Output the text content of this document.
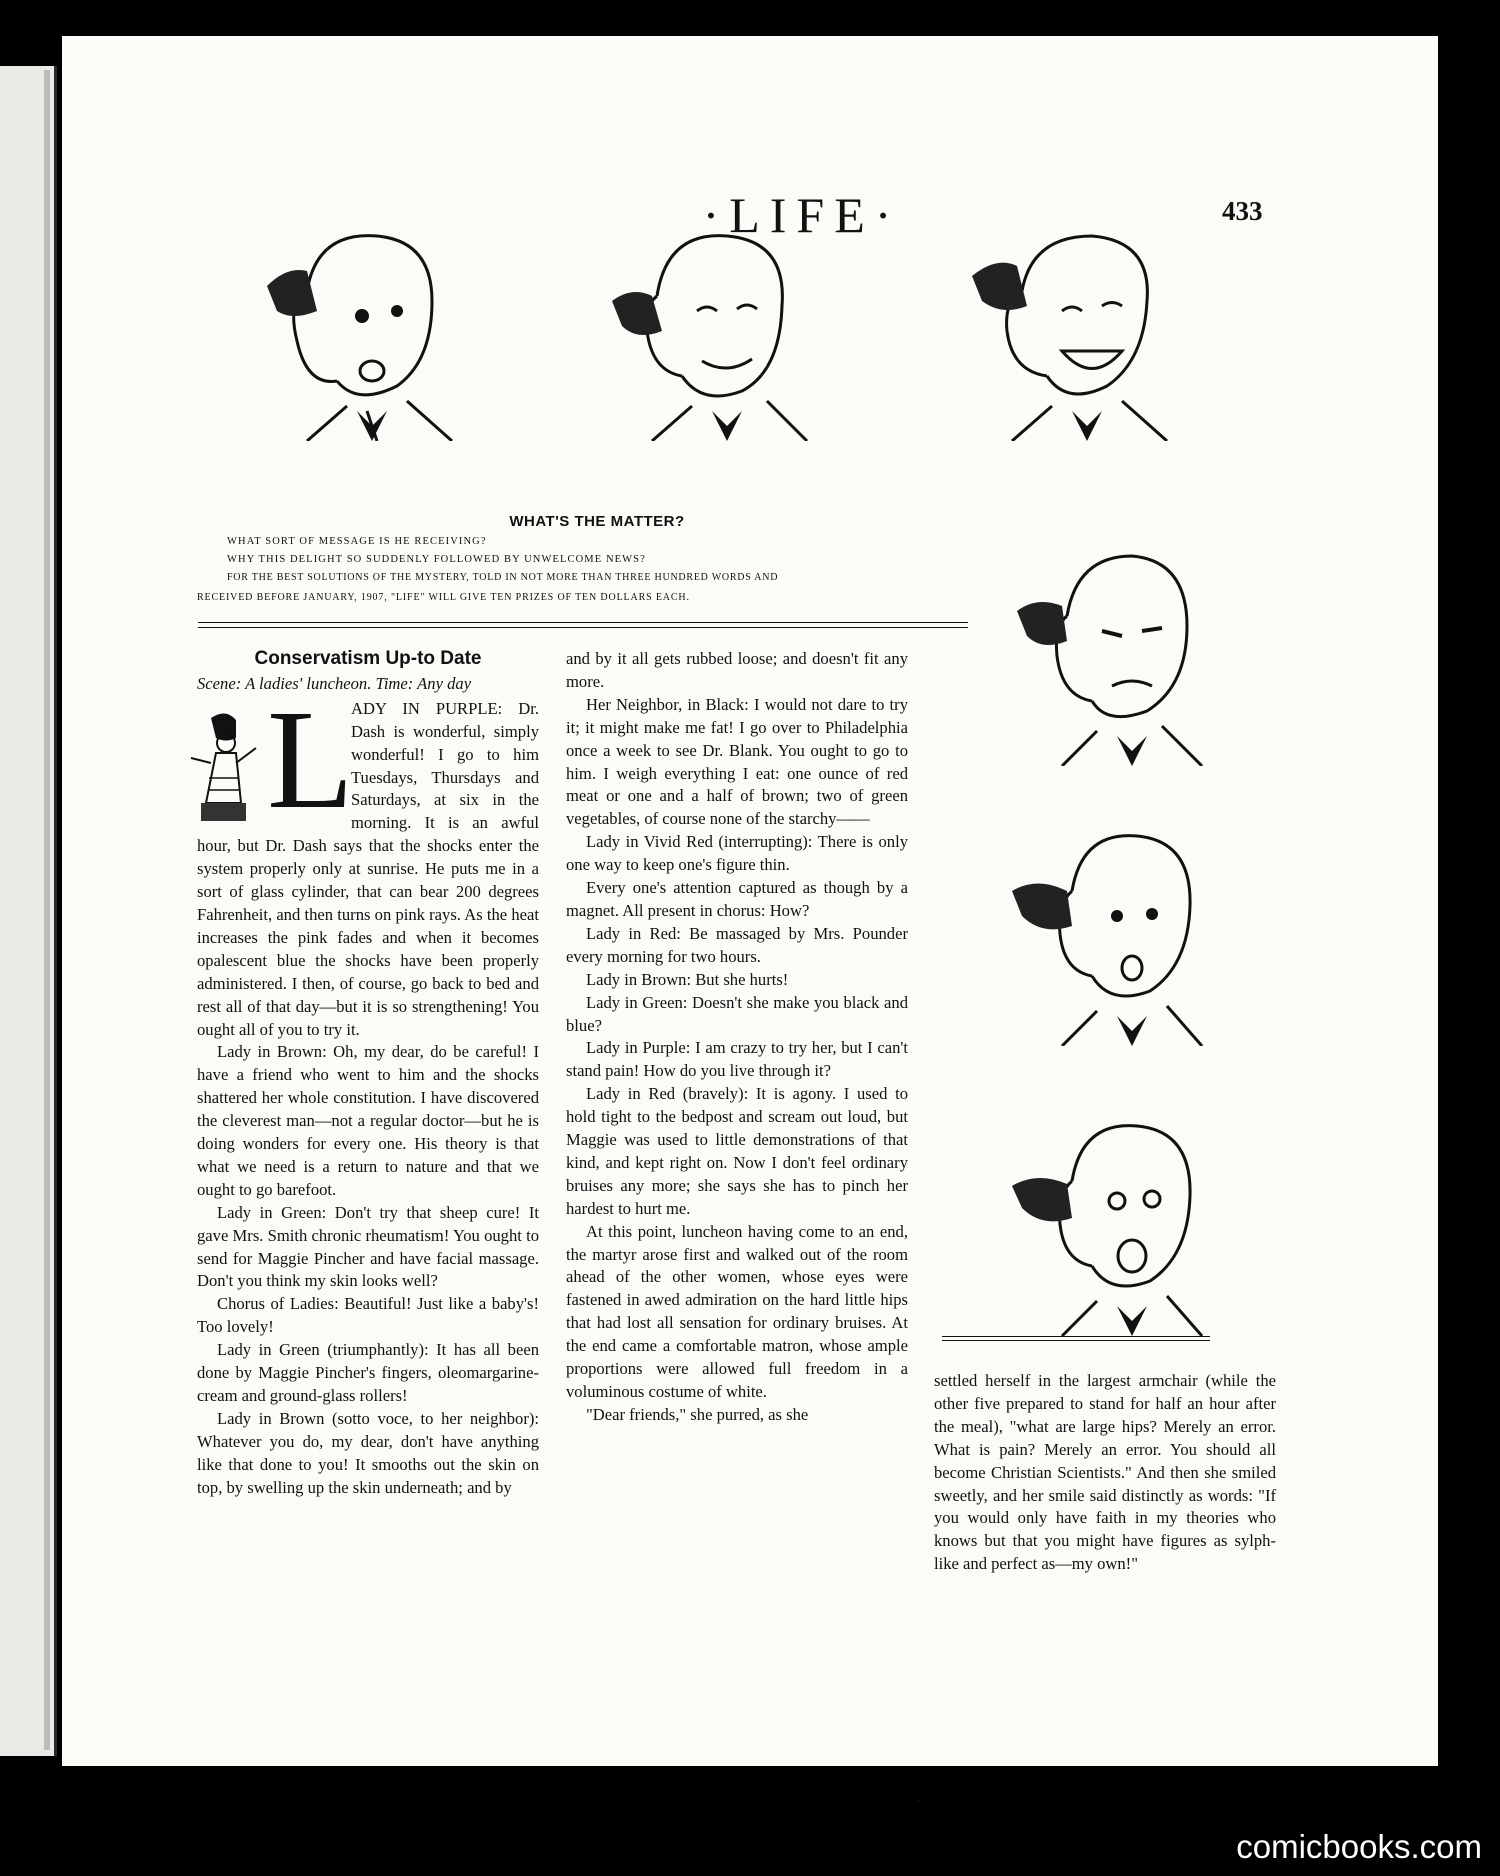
·LIFE·	433
WHAT'S THE MATTER?
WHAT SORT OF MESSAGE IS HE RECEIVING?
WHY THIS DELIGHT SO SUDDENLY FOLLOWED BY UNWELCOME NEWS?
FOR THE BEST SOLUTIONS OF THE MYSTERY, TOLD IN NOT MORE THAN THREE HUNDRED WORDS AND
RECEIVED BEFORE JANUARY, 1907, "LIFE" WILL GIVE TEN PRIZES OF TEN DOLLARS EACH.
Conservatism Up-to Date

Scene: A ladies' luncheon. Time: Any day

L

ADY IN PURPLE: Dr. Dash is wonderful, simply wonderful! I go to him Tuesdays, Thursdays and Saturdays, at six in the morning. It is an awful hour, but Dr. Dash says that the shocks enter the system properly only at sunrise. He puts me in a sort of glass cylinder, that can bear 200 degrees Fahrenheit, and then turns on pink rays. As the heat increases the pink fades and when it becomes opalescent blue the shocks have been properly administered. I then, of course, go back to bed and rest all of that day—but it is so strengthening! You ought all of you to try it.

Lady in Brown: Oh, my dear, do be careful! I have a friend who went to him and the shocks shattered her whole constitution. I have discovered the cleverest man—not a regular doctor—but he is doing wonders for every one. His theory is that what we need is a return to nature and that we ought to go barefoot.

Lady in Green: Don't try that sheep cure! It gave Mrs. Smith chronic rheumatism! You ought to send for Maggie Pincher and have facial massage. Don't you think my skin looks well?

Chorus of Ladies: Beautiful! Just like a baby's! Too lovely!

Lady in Green (triumphantly): It has all been done by Maggie Pincher's fingers, oleomargarine-cream and ground-glass rollers!

Lady in Brown (sotto voce, to her neighbor): Whatever you do, my dear, don't have anything like that done to you! It smooths out the skin on top, by swelling up the skin underneath; and by

and by it all gets rubbed loose; and doesn't fit any more.

Her Neighbor, in Black: I would not dare to try it; it might make me fat! I go over to Philadelphia once a week to see Dr. Blank. You ought to go to him. I weigh everything I eat: one ounce of red meat or one and a half of brown; two of green vegetables, of course none of the starchy——

Lady in Vivid Red (interrupting): There is only one way to keep one's figure thin.

Every one's attention captured as though by a magnet. All present in chorus: How?

Lady in Red: Be massaged by Mrs. Pounder every morning for two hours.

Lady in Brown: But she hurts!

Lady in Green: Doesn't she make you black and blue?

Lady in Purple: I am crazy to try her, but I can't stand pain! How do you live through it?

Lady in Red (bravely): It is agony. I used to hold tight to the bedpost and scream out loud, but Maggie was used to little demonstrations of that kind, and kept right on. Now I don't feel ordinary bruises any more; she says she has to pinch her hardest to hurt me.

At this point, luncheon having come to an end, the martyr arose first and walked out of the room ahead of the other women, whose eyes were fastened in awed admiration on the hard little hips that had lost all sensation for ordinary bruises. At the end came a comfortable matron, whose ample proportions were allowed full freedom in a voluminous costume of white.

"Dear friends," she purred, as she

settled herself in the largest armchair (while the other five prepared to stand for half an hour after the meal), "what are large hips? Merely an error. What is pain? Merely an error. You should all become Christian Scientists." And then she smiled sweetly, and her smile said distinctly as words: "If you would only have faith in my theories who knows but that you might have figures as sylph-like and perfect as—my own!"

•
comicbooks.com
